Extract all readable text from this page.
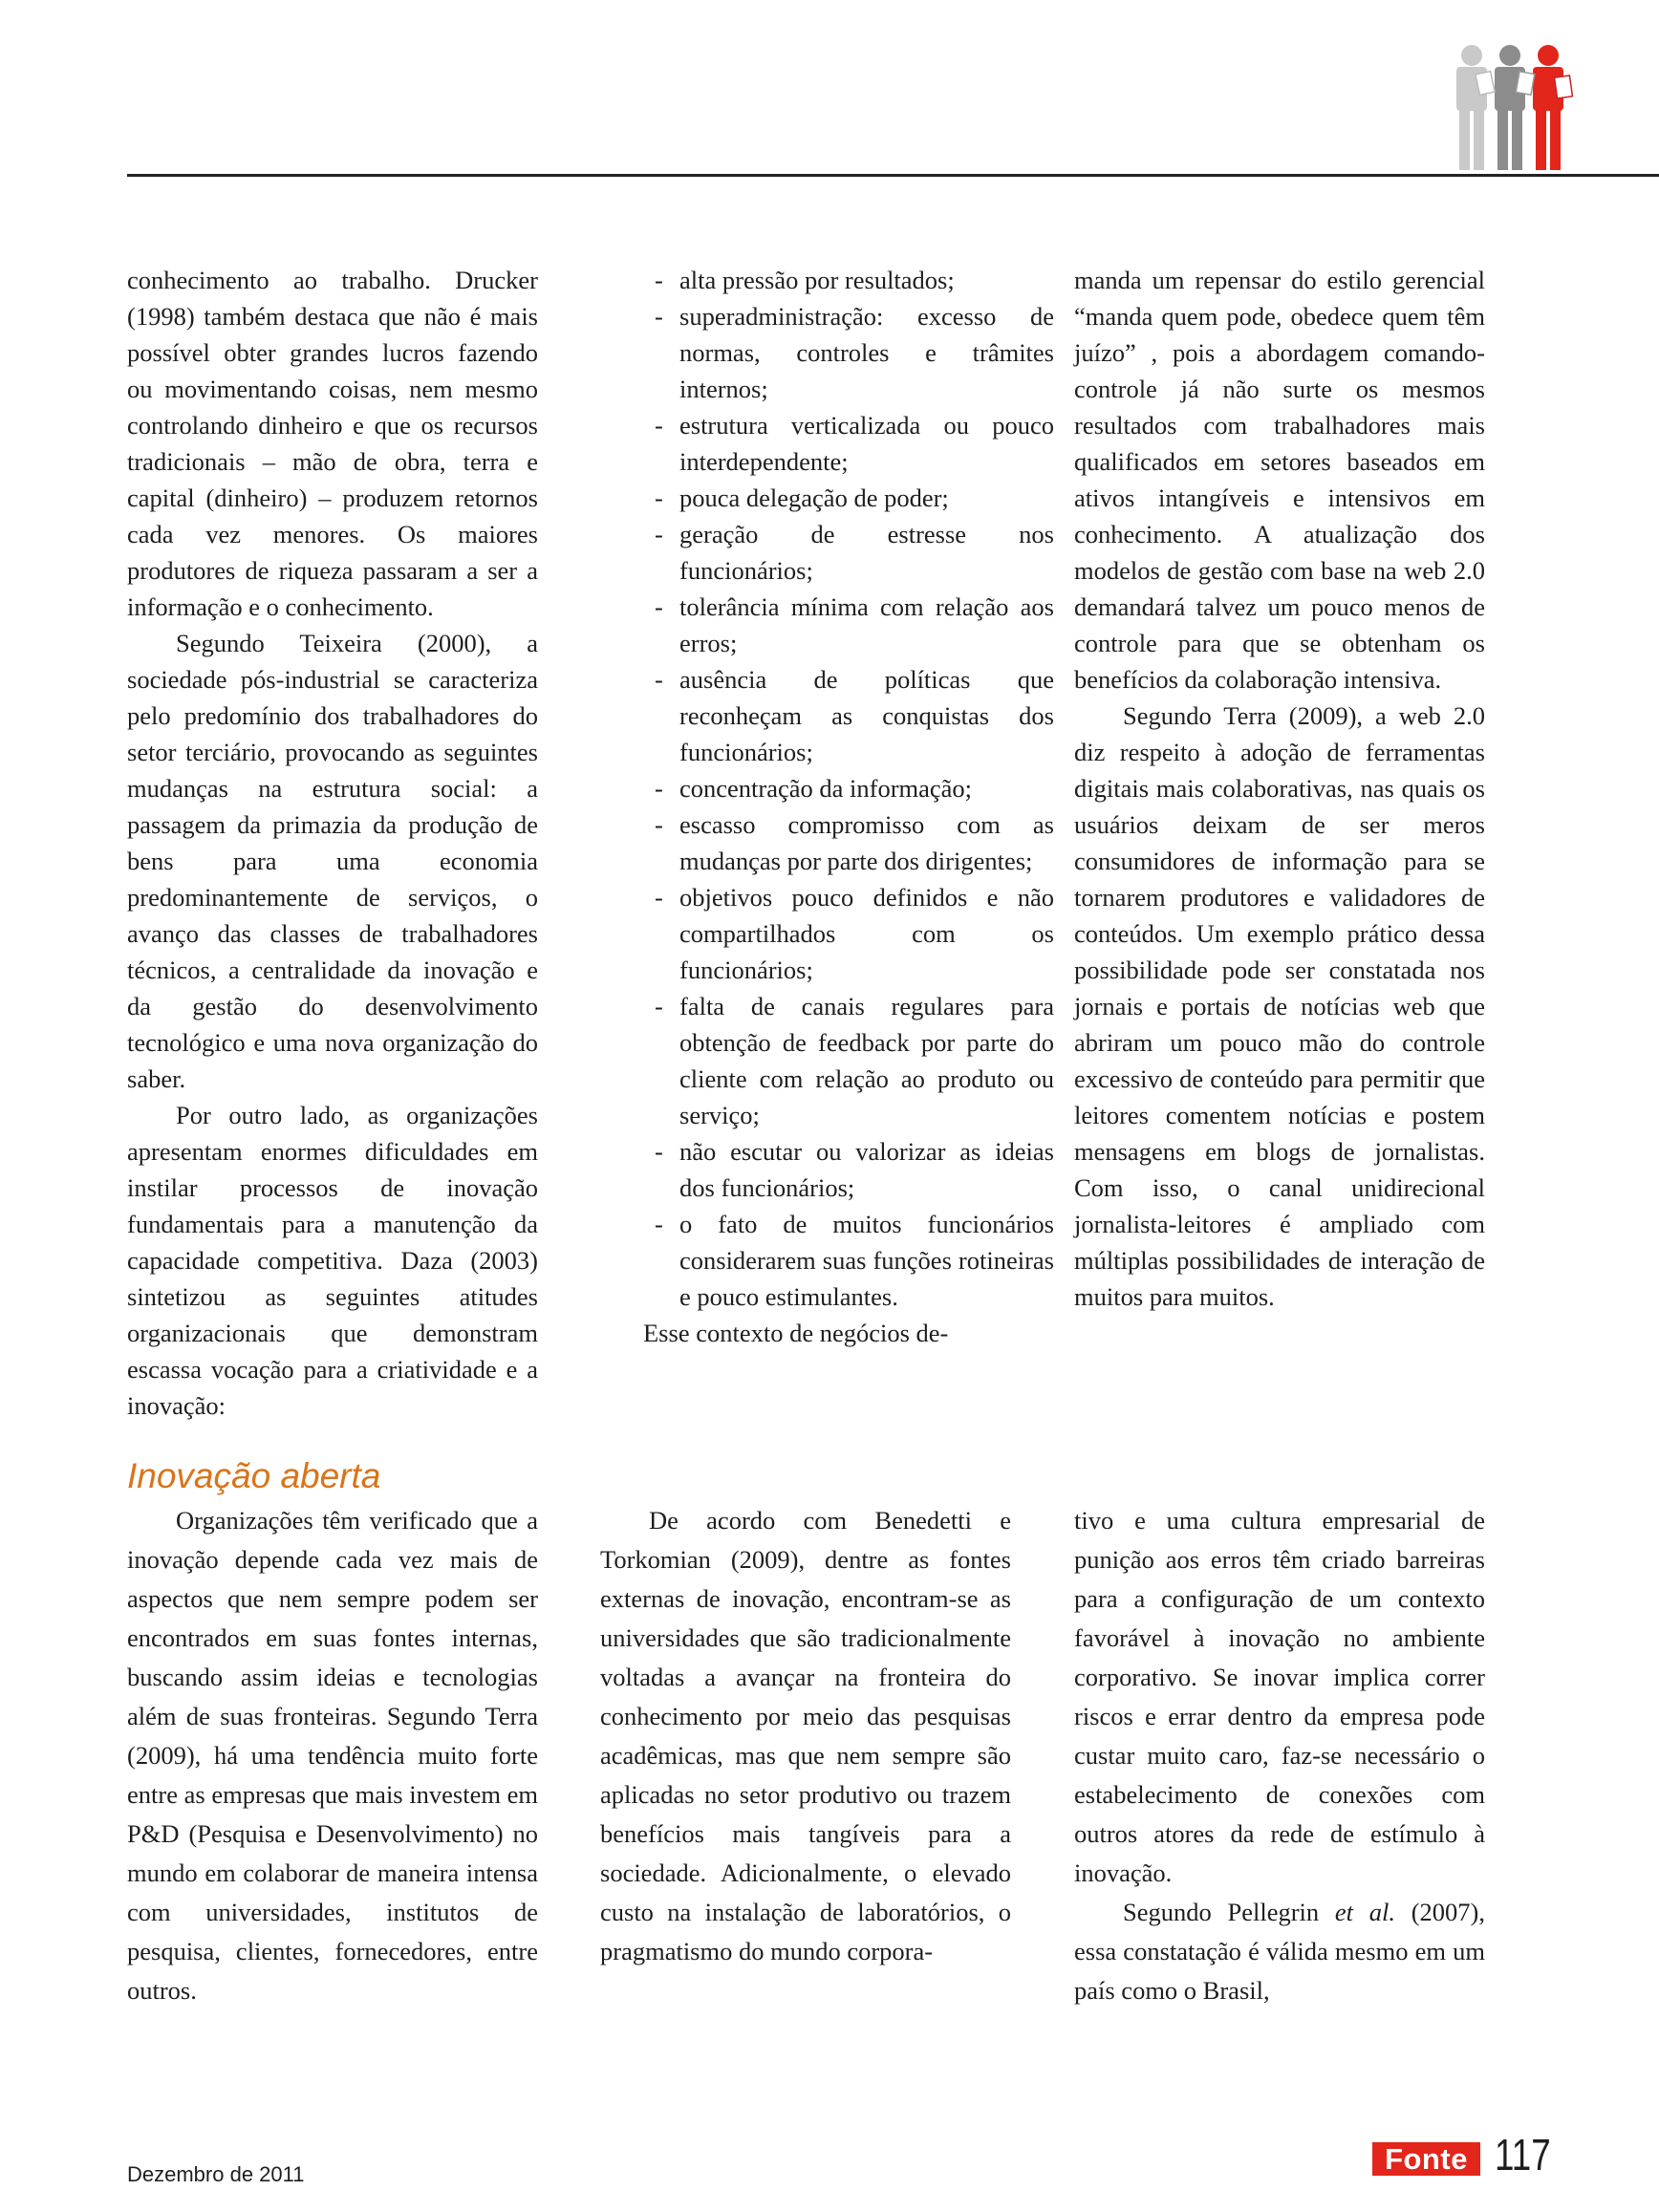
conhecimento ao trabalho. Drucker (1998) também destaca que não é mais possível obter grandes lucros fazendo ou movimentando coisas, nem mesmo controlando dinheiro e que os recursos tradicionais – mão de obra, terra e capital (dinheiro) – produzem retornos cada vez menores. Os maiores produtores de riqueza passaram a ser a informação e o conhecimento.

Segundo Teixeira (2000), a sociedade pós-industrial se caracteriza pelo predomínio dos trabalhadores do setor terciário, provocando as seguintes mudanças na estrutura social: a passagem da primazia da produção de bens para uma economia predominantemente de serviços, o avanço das classes de trabalhadores técnicos, a centralidade da inovação e da gestão do desenvolvimento tecnológico e uma nova organização do saber.

Por outro lado, as organizações apresentam enormes dificuldades em instilar processos de inovação fundamentais para a manutenção da capacidade competitiva. Daza (2003) sintetizou as seguintes atitudes organizacionais que demonstram escassa vocação para a criatividade e a inovação:

- alta pressão por resultados;
- superadministração: excesso de normas, controles e trâmites internos;
- estrutura verticalizada ou pouco interdependente;
- pouca delegação de poder;
- geração de estresse nos funcionários;
- tolerância mínima com relação aos erros;
- ausência de políticas que reconheçam as conquistas dos funcionários;
- concentração da informação;
- escasso compromisso com as mudanças por parte dos dirigentes;
- objetivos pouco definidos e não compartilhados com os funcionários;
- falta de canais regulares para obtenção de feedback por parte do cliente com relação ao produto ou serviço;
- não escutar ou valorizar as ideias dos funcionários;
- o fato de muitos funcionários considerarem suas funções rotineiras e pouco estimulantes.

Esse contexto de negócios de-

manda um repensar do estilo gerencial “manda quem pode, obedece quem têm juízo” , pois a abordagem comando-controle já não surte os mesmos resultados com trabalhadores mais qualificados em setores baseados em ativos intangíveis e intensivos em conhecimento. A atualização dos modelos de gestão com base na web 2.0 demandará talvez um pouco menos de controle para que se obtenham os benefícios da colaboração intensiva.

Segundo Terra (2009), a web 2.0 diz respeito à adoção de ferramentas digitais mais colaborativas, nas quais os usuários deixam de ser meros consumidores de informação para se tornarem produtores e validadores de conteúdos. Um exemplo prático dessa possibilidade pode ser constatada nos jornais e portais de notícias web que abriram um pouco mão do controle excessivo de conteúdo para permitir que leitores comentem notícias e postem mensagens em blogs de jornalistas. Com isso, o canal unidirecional jornalista-leitores é ampliado com múltiplas possibilidades de interação de muitos para muitos.

Inovação aberta

Organizações têm verificado que a inovação depende cada vez mais de aspectos que nem sempre podem ser encontrados em suas fontes internas, buscando assim ideias e tecnologias além de suas fronteiras. Segundo Terra (2009), há uma tendência muito forte entre as empresas que mais investem em P&D (Pesquisa e Desenvolvimento) no mundo em colaborar de maneira intensa com universidades, institutos de pesquisa, clientes, fornecedores, entre outros.

De acordo com Benedetti e Torkomian (2009), dentre as fontes externas de inovação, encontram-se as universidades que são tradicionalmente voltadas a avançar na fronteira do conhecimento por meio das pesquisas acadêmicas, mas que nem sempre são aplicadas no setor produtivo ou trazem benefícios mais tangíveis para a sociedade. Adicionalmente, o elevado custo na instalação de laboratórios, o pragmatismo do mundo corpora-

tivo e uma cultura empresarial de punição aos erros têm criado barreiras para a configuração de um contexto favorável à inovação no ambiente corporativo. Se inovar implica correr riscos e errar dentro da empresa pode custar muito caro, faz-se necessário o estabelecimento de conexões com outros atores da rede de estímulo à inovação.

Segundo Pellegrin et al. (2007), essa constatação é válida mesmo em um país como o Brasil,

Dezembro de 2011	Fonte 117
